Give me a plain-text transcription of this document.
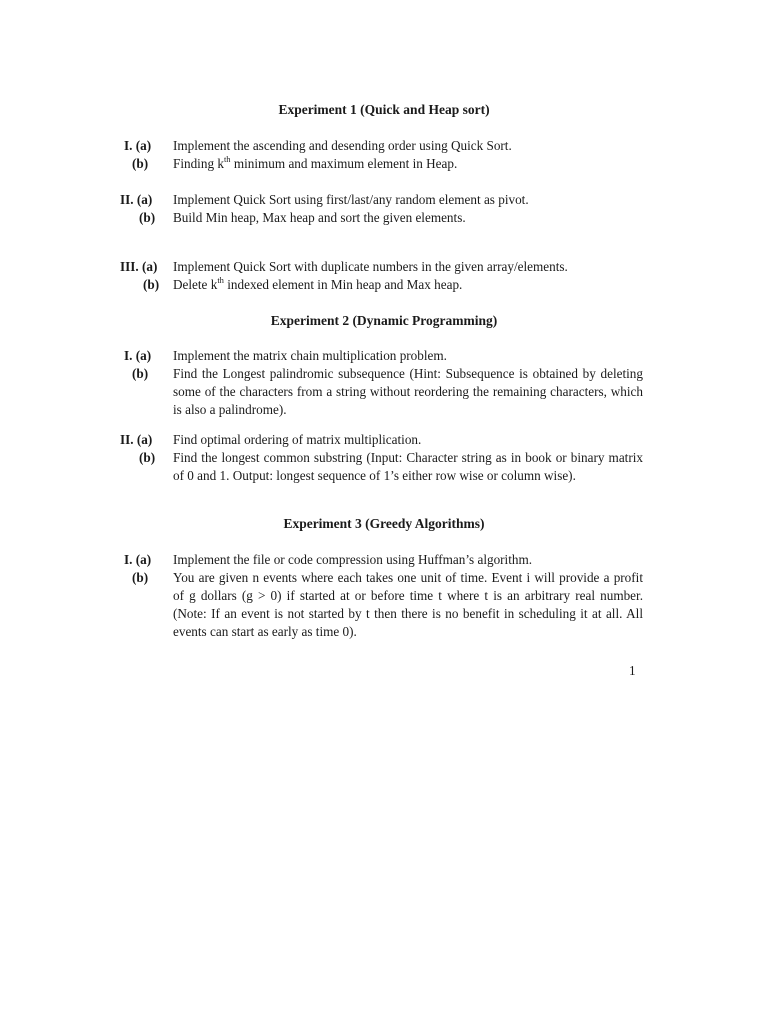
Experiment 1 (Quick and Heap sort)
I. (a) Implement the ascending and desending order using Quick Sort.
(b) Finding $k^{th}$ minimum and maximum element in Heap.
II. (a) Implement Quick Sort using first/last/any random element as pivot.
(b) Build Min heap, Max heap and sort the given elements.
III. (a) Implement Quick Sort with duplicate numbers in the given array/elements.
(b) Delete $k^{th}$ indexed element in Min heap and Max heap.
Experiment 2 (Dynamic Programming)
I. (a) Implement the matrix chain multiplication problem.
(b) Find the Longest palindromic subsequence (Hint: Subsequence is obtained by deleting
some of the characters from a string without reordering the remaining characters, which
is also a palindrome).
II. (a) Find optimal ordering of matrix multiplication.
(b) Find the longest common substring (Input: Character string as in book or binary matrix
of 0 and 1. Output: longest sequence of 1’s either row wise or column wise).
Experiment 3 (Greedy Algorithms)
I. (a) Implement the file or code compression using Huffman’s algorithm.
(b) You are given n events where each takes one unit of time. Event i will provide a profit
of g dollars (g > 0) if started at or before time t where t is an arbitrary real number.
(Note: If an event is not started by t then there is no benefit in scheduling it at all. All
events can start as early as time 0).
1
